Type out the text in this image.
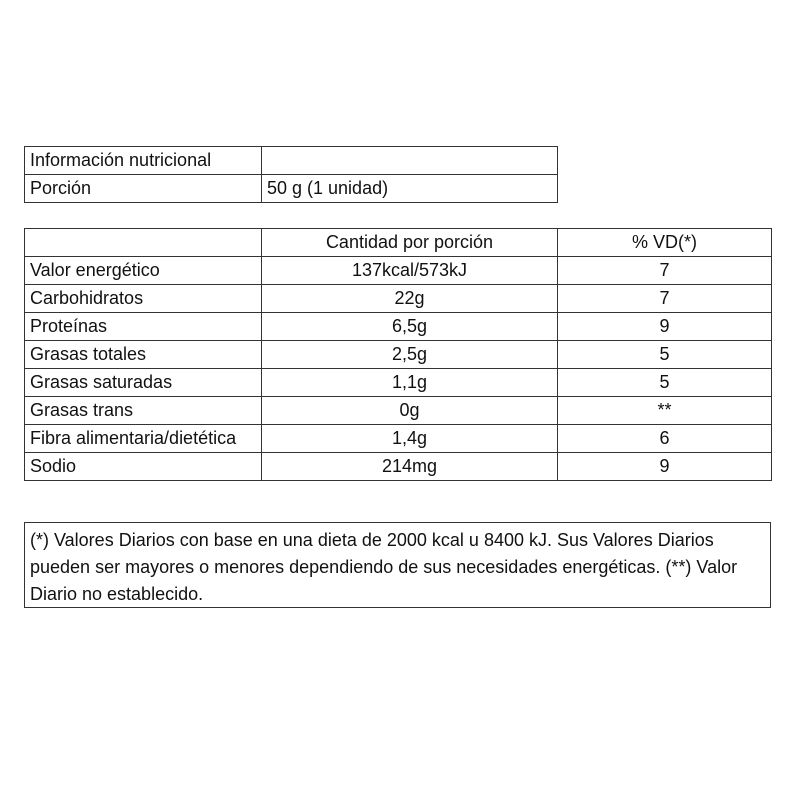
Información nutricional	
Porción	50 g (1 unidad)
	Cantidad por porción	% VD(*)
Valor energético	137kcal/573kJ	7
Carbohidratos	22g	7
Proteínas	6,5g	9
Grasas totales	2,5g	5
Grasas saturadas	1,1g	5
Grasas trans	0g	**
Fibra alimentaria/dietética	1,4g	6
Sodio	214mg	9
(*) Valores Diarios con base en una dieta de 2000 kcal u 8400 kJ. Sus Valores Diarios pueden ser mayores o menores dependiendo de sus necesidades energéticas. (**) Valor Diario no establecido.
